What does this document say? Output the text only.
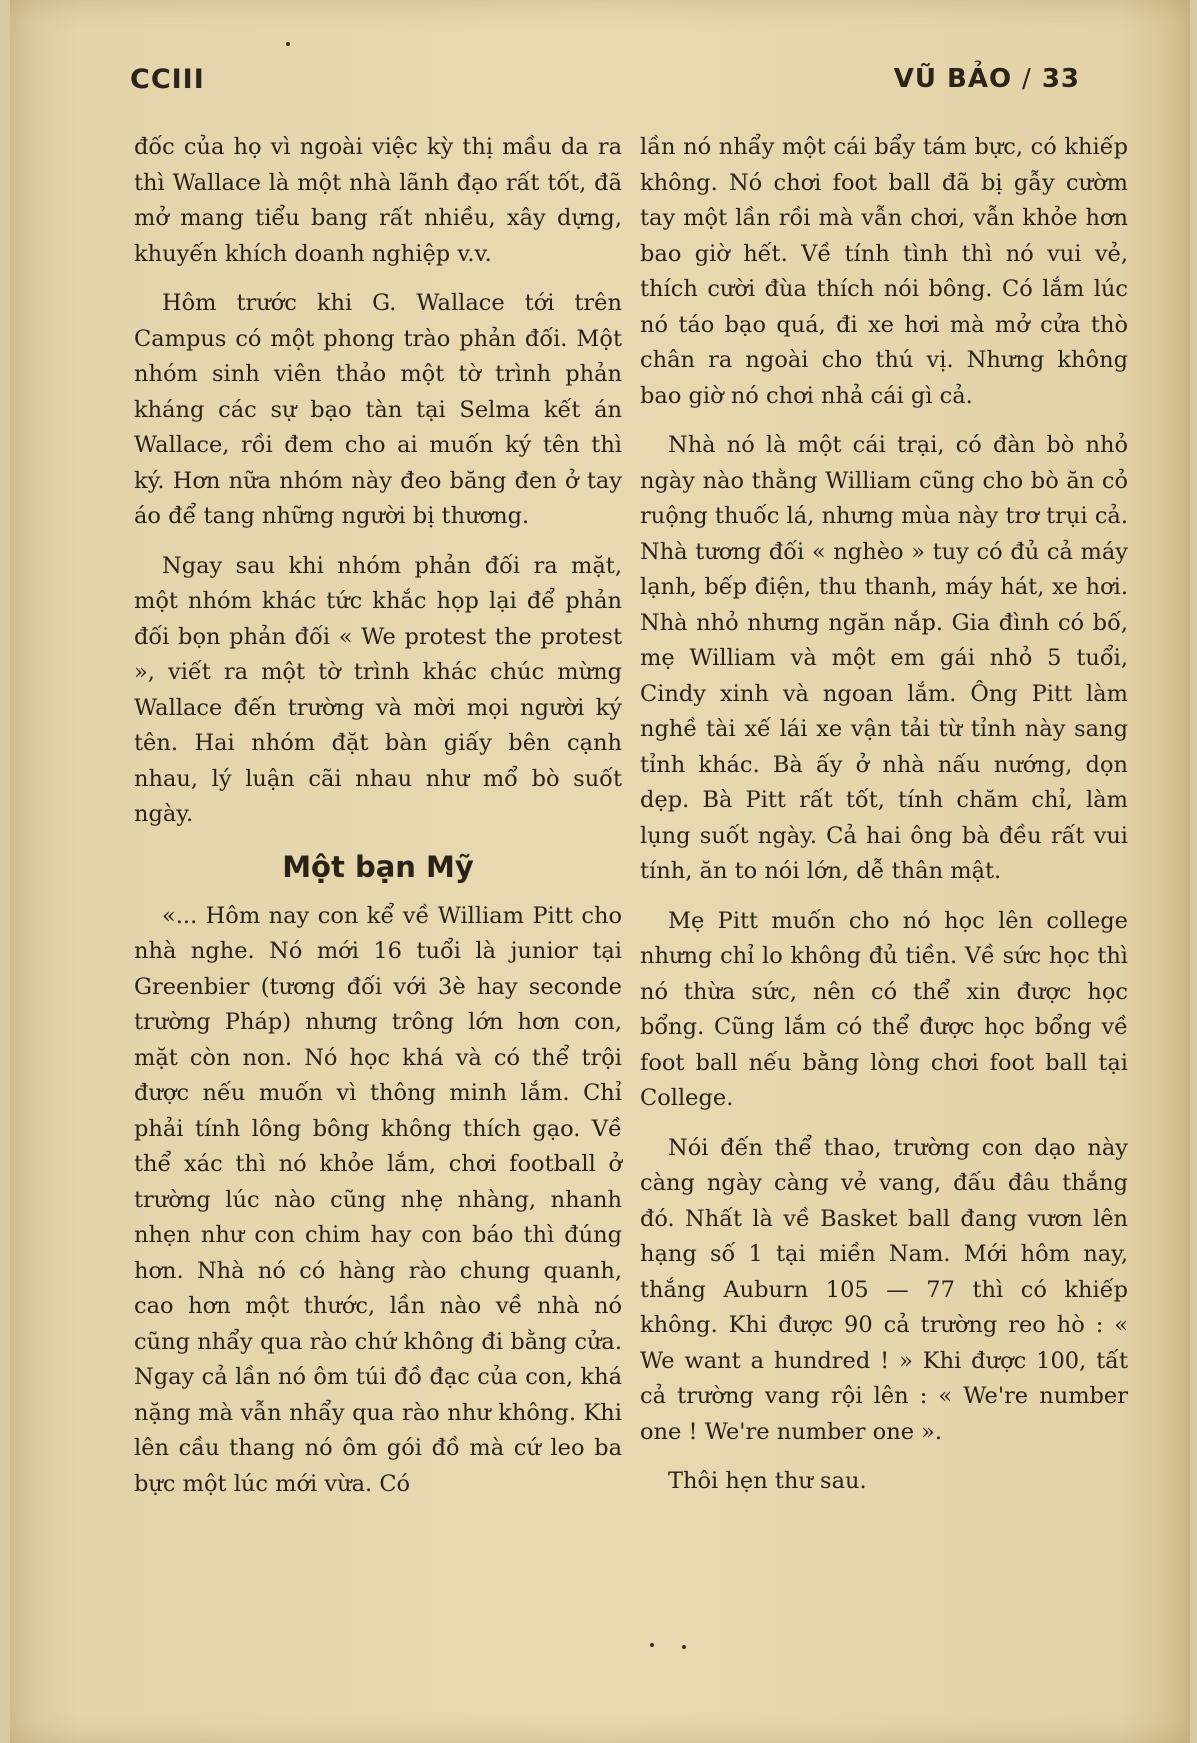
CCIII	VŨ BẢO / 33

đốc của họ vì ngoài việc kỳ thị mầu da ra thì Wallace là một nhà lãnh đạo rất tốt, đã mở mang tiểu bang rất nhiều, xây dựng, khuyến khích doanh nghiệp v.v.

Hôm trước khi G. Wallace tới trên Campus có một phong trào phản đối. Một nhóm sinh viên thảo một tờ trình phản kháng các sự bạo tàn tại Selma kết án Wallace, rồi đem cho ai muốn ký tên thì ký. Hơn nữa nhóm này đeo băng đen ở tay áo để tang những người bị thương.

Ngay sau khi nhóm phản đối ra mặt, một nhóm khác tức khắc họp lại để phản đối bọn phản đối « We protest the protest », viết ra một tờ trình khác chúc mừng Wallace đến trường và mời mọi người ký tên. Hai nhóm đặt bàn giấy bên cạnh nhau, lý luận cãi nhau như mổ bò suốt ngày.

Một bạn Mỹ

«... Hôm nay con kể về William Pitt cho nhà nghe. Nó mới 16 tuổi là junior tại Greenbier (tương đối với 3è hay seconde trường Pháp) nhưng trông lớn hơn con, mặt còn non. Nó học khá và có thể trội được nếu muốn vì thông minh lắm. Chỉ phải tính lông bông không thích gạo. Về thể xác thì nó khỏe lắm, chơi football ở trường lúc nào cũng nhẹ nhàng, nhanh nhẹn như con chim hay con báo thì đúng hơn. Nhà nó có hàng rào chung quanh, cao hơn một thước, lần nào về nhà nó cũng nhẩy qua rào chứ không đi bằng cửa. Ngay cả lần nó ôm túi đồ đạc của con, khá nặng mà vẫn nhẩy qua rào như không. Khi lên cầu thang nó ôm gói đồ mà cứ leo ba bực một lúc mới vừa. Có

lần nó nhẩy một cái bẩy tám bực, có khiếp không. Nó chơi foot ball đã bị gẫy cườm tay một lần rồi mà vẫn chơi, vẫn khỏe hơn bao giờ hết. Về tính tình thì nó vui vẻ, thích cười đùa thích nói bông. Có lắm lúc nó táo bạo quá, đi xe hơi mà mở cửa thò chân ra ngoài cho thú vị. Nhưng không bao giờ nó chơi nhả cái gì cả.

Nhà nó là một cái trại, có đàn bò nhỏ ngày nào thằng William cũng cho bò ăn cỏ ruộng thuốc lá, nhưng mùa này trơ trụi cả. Nhà tương đối « nghèo » tuy có đủ cả máy lạnh, bếp điện, thu thanh, máy hát, xe hơi. Nhà nhỏ nhưng ngăn nắp. Gia đình có bố, mẹ William và một em gái nhỏ 5 tuổi, Cindy xinh và ngoan lắm. Ông Pitt làm nghề tài xế lái xe vận tải từ tỉnh này sang tỉnh khác. Bà ấy ở nhà nấu nướng, dọn dẹp. Bà Pitt rất tốt, tính chăm chỉ, làm lụng suốt ngày. Cả hai ông bà đều rất vui tính, ăn to nói lớn, dễ thân mật.

Mẹ Pitt muốn cho nó học lên college nhưng chỉ lo không đủ tiền. Về sức học thì nó thừa sức, nên có thể xin được học bổng. Cũng lắm có thể được học bổng về foot ball nếu bằng lòng chơi foot ball tại College.

Nói đến thể thao, trường con dạo này càng ngày càng vẻ vang, đấu đâu thắng đó. Nhất là về Basket ball đang vươn lên hạng số 1 tại miền Nam. Mới hôm nay, thắng Auburn 105 — 77 thì có khiếp không. Khi được 90 cả trường reo hò : « We want a hundred ! » Khi được 100, tất cả trường vang rội lên : « We're number one ! We're number one ».

Thôi hẹn thư sau.
